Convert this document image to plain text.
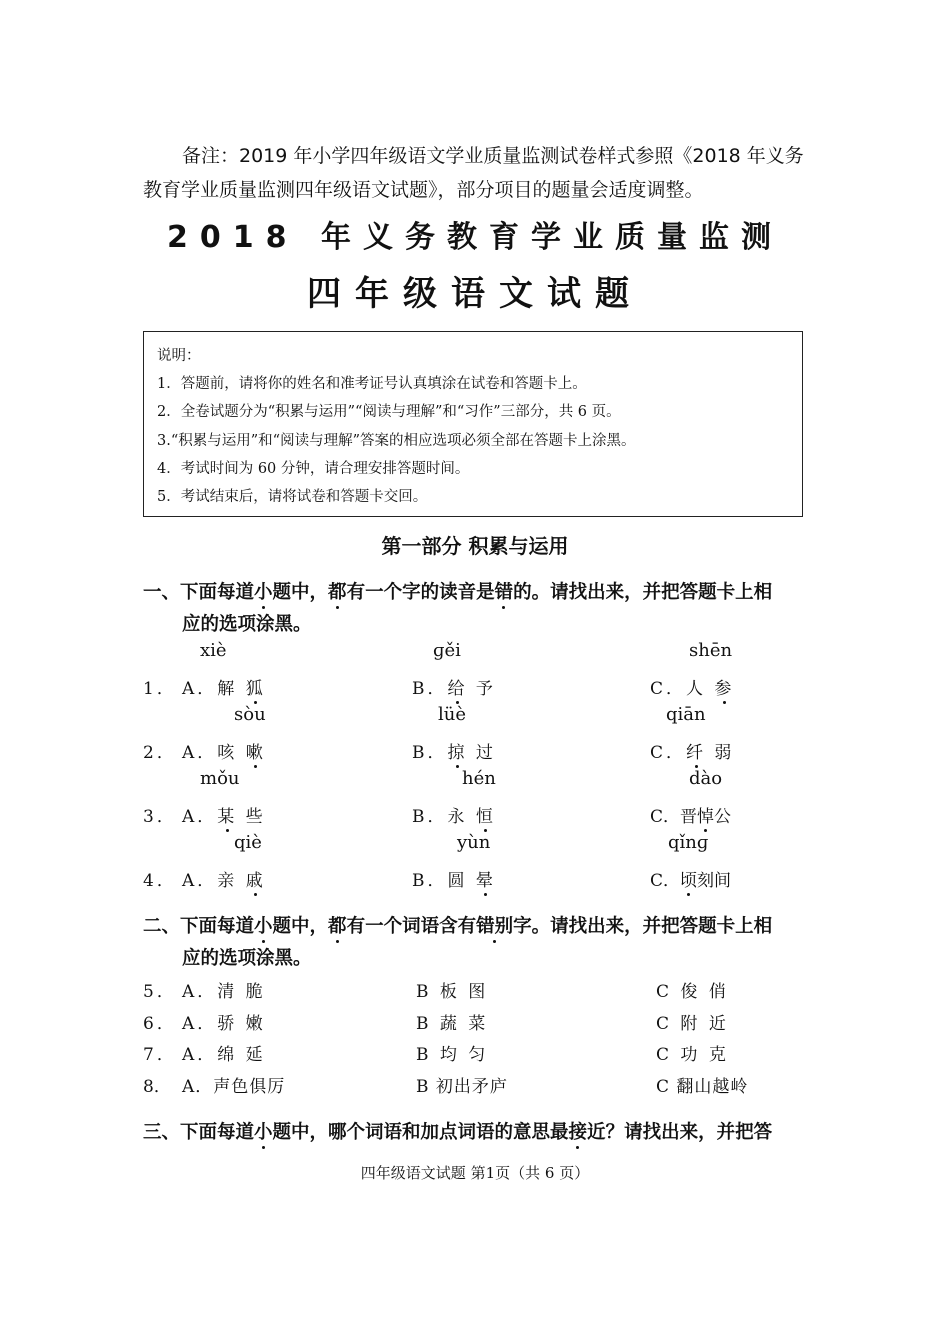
备注：2019 年小学四年级语文学业质量监测试卷样式参照《2018 年义务
教育学业质量监测四年级语文试题》，部分项目的题量会适度调整。
2018 年义务教育学业质量监测
四年级语文试题
说明：
1．答题前，请将你的姓名和准考证号认真填涂在试卷和答题卡上。
2．全卷试题分为“积累与运用”“阅读与理解”和“习作”三部分，共 6 页。
3.“积累与运用”和“阅读与理解”答案的相应选项必须全部在答题卡上涂黑。
4．考试时间为 60 分钟，请合理安排答题时间。
5．考试结束后，请将试卷和答题卡交回。
第一部分 积累与运用
一、下面每道小题中，都有一个字的读音是错的。请找出来，并把答题卡上相
应的选项涂黑。
xiè	ɡěi	shēn
1． A．解 狐	B．给 予	C．人 参
sòu	lüè	qiān
2． A．咳 嗽	B．掠 过	C．纤 弱
mǒu	hén	dào
3． A．某 些	B．永 恒	C．晋悼公
qiè	yùn	qǐnɡ
4． A．亲 戚	B．圆 晕	C．顷刻间
二、下面每道小题中，都有一个词语含有错别字。请找出来，并把答题卡上相
应的选项涂黑。
5． A．清 脆	B 板 图	C 俊 俏
6． A．骄 嫩	B 蔬 菜	C 附 近
7． A．绵 延	B 均 匀	C 功 克
8． A．声色俱厉	B 初出矛庐	C 翻山越岭
三、下面每道小题中，哪个词语和加点词语的意思最接近？请找出来，并把答
四年级语文试题 第1页（共 6 页）
